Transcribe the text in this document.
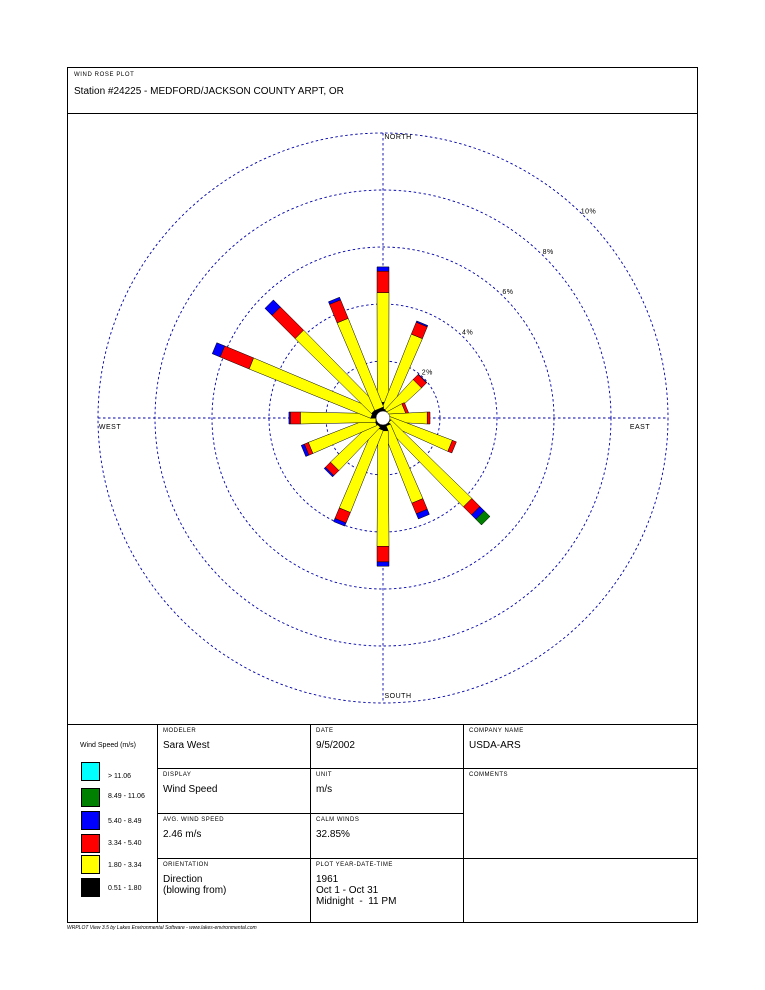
WIND ROSE PLOT
Station #24225 - MEDFORD/JACKSON COUNTY ARPT, OR
NORTH
SOUTH
EAST
WEST
2%
4%
6%
8%
10%
MODELER
Sara West
DATE
9/5/2002
COMPANY NAME
USDA-ARS
DISPLAY
Wind Speed
UNIT
m/s
COMMENTS
AVG. WIND SPEED
2.46 m/s
CALM WINDS
32.85%
ORIENTATION
Direction
(blowing from)
PLOT YEAR-DATE-TIME
1961
Oct 1 - Oct 31
Midnight  -  11 PM
Wind Speed (m/s)
> 11.06
8.49 - 11.06
5.40 - 8.49
3.34 - 5.40
1.80 - 3.34
0.51 - 1.80
WRPLOT View 3.5 by Lakes Environmental Software - www.lakes-environmental.com
